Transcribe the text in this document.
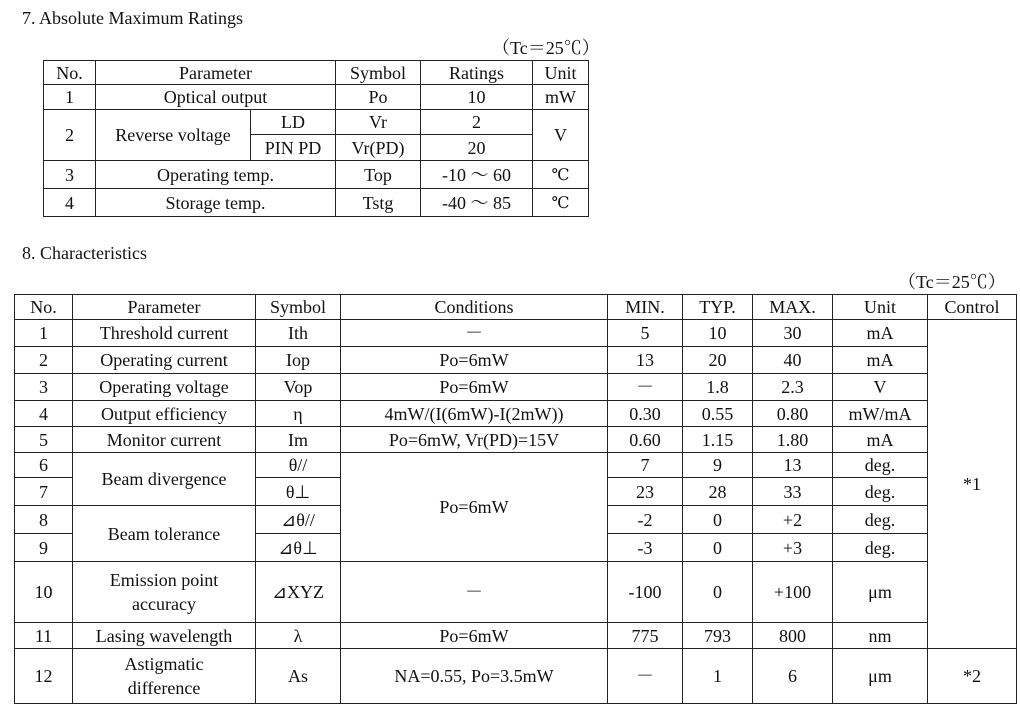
7. Absolute Maximum Ratings
（Tc＝25℃）
No.	Parameter		Symbol	Ratings	Unit
1	Optical output		Po	10	mW
2	Reverse voltage	LD	Vr	2	V
		PIN PD	Vr(PD)	20	
3	Operating temp.		Top	-10 ～ 60	℃
4	Storage temp.		Tstg	-40 ～ 85	℃
8. Characteristics
（Tc＝25℃）
No.	Parameter	Symbol	Conditions	MIN.	TYP.	MAX.	Unit	Control
1	Threshold current	Ith	－	5	10	30	mA	*1
2	Operating current	Iop	Po=6mW	13	20	40	mA	
3	Operating voltage	Vop	Po=6mW	－	1.8	2.3	V	
4	Output efficiency	η	4mW/(I(6mW)-I(2mW))	0.30	0.55	0.80	mW/mA	
5	Monitor current	Im	Po=6mW, Vr(PD)=15V	0.60	1.15	1.80	mA	
6	Beam divergence	θ//	Po=6mW	7	9	13	deg.	
7		θ⊥		23	28	33	deg.	
8	Beam tolerance	⊿θ//		-2	0	+2	deg.	
9		⊿θ⊥		-3	0	+3	deg.	
10	Emission point
accuracy	⊿XYZ	－	-100	0	+100	μm	
11	Lasing wavelength	λ	Po=6mW	775	793	800	nm	
12	Astigmatic
difference	As	NA=0.55, Po=3.5mW	－	1	6	μm	*2
